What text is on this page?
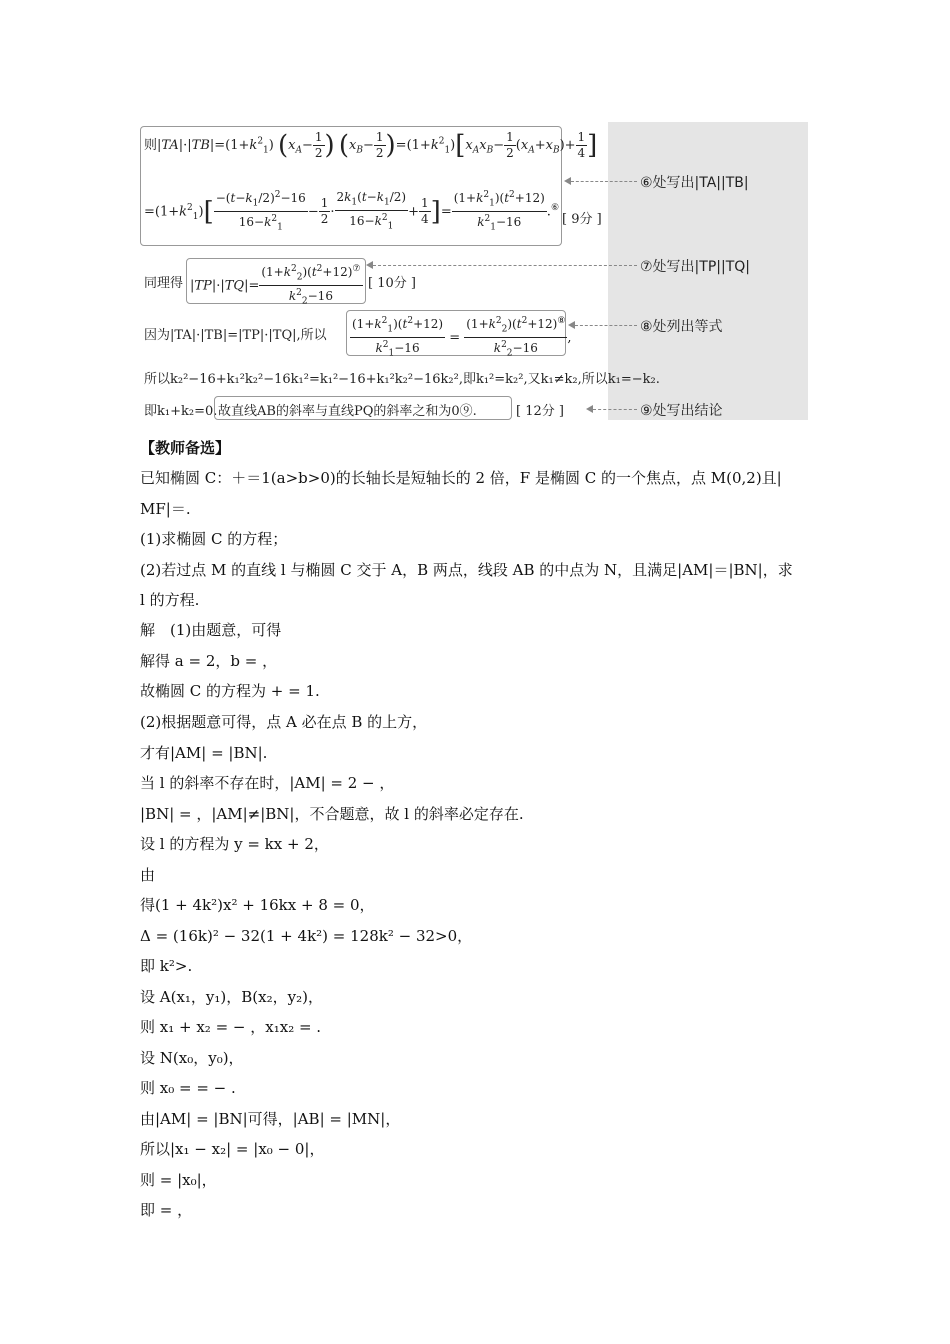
则$|TA|\cdot|TB|=(1+k^2_1)$ ($x_A- \frac{1}{2}$ ) $(x_B- \frac{1}{2} )=(1+k^2_1)[x_Ax_B- \frac{1}{2} (x_A+x_B)+ \frac{1}{4}$ ]
$=(1+k^2_1)[ \frac{-(t-k_1/2)^2-16}{16-k^2_1} - \frac{1}{2} \cdot \frac{2k_1(t-k_1/2)}{16-k^2_1} + \frac{1}{4}$ ]= $\frac{(1+k^2_1)(t^2+12)}{k^2_1-16} .^⑥$
[ 9分 ]
同理得 $|TP|\cdot|TQ|= \frac{(1+k^2_2)(t^2+12)^⑦}{k^2_2-16}$ [ 10分 ]
因为|TA|·|TB|=|TP|·|TQ|,所以 $\frac{(1+k^2_1)(t^2+12)}{k^2_1-16} = \frac{(1+k^2_2)(t^2+12)^⑧}{k^2_2-16}$ ,
所以k₂²−16+k₁²k₂²−16k₁²=k₁²−16+k₁²k₂²−16k₂²,即k₁²=k₂²,又k₁≠k₂,所以k₁=−k₂.
即k₁+k₂=0. 故直线AB的斜率与直线PQ的斜率之和为0⑨.	[ 12分 ]
⑥处写出|TA||TB|
⑦处写出|TP||TQ|
⑧处列出等式
⑨处写出结论
【教师备选】
已知椭圆 C：＋＝1(a>b>0)的长轴长是短轴长的 2 倍，F 是椭圆 C 的一个焦点，点 M(0,2)且|
MF|＝.
(1)求椭圆 C 的方程；
(2)若过点 M 的直线 l 与椭圆 C 交于 A，B 两点，线段 AB 的中点为 N，且满足|AM|＝|BN|，求
l 的方程.
解　(1)由题意，可得
解得 a = 2，b = ，
故椭圆 C 的方程为 + = 1.
(2)根据题意可得，点 A 必在点 B 的上方，
才有|AM| = |BN|.
当 l 的斜率不存在时，|AM| = 2 − ，
|BN| = ，|AM|≠|BN|，不合题意，故 l 的斜率必定存在.
设 l 的方程为 y = kx + 2，
由
得(1 + 4k²)x² + 16kx + 8 = 0，
Δ = (16k)² − 32(1 + 4k²) = 128k² − 32>0，
即 k²>.
设 A(x₁，y₁)，B(x₂，y₂)，
则 x₁ + x₂ = − ，x₁x₂ = .
设 N(x₀，y₀)，
则 x₀ = = − .
由|AM| = |BN|可得，|AB| = |MN|，
所以|x₁ − x₂| = |x₀ − 0|，
则 = |x₀|，
即 = ，
